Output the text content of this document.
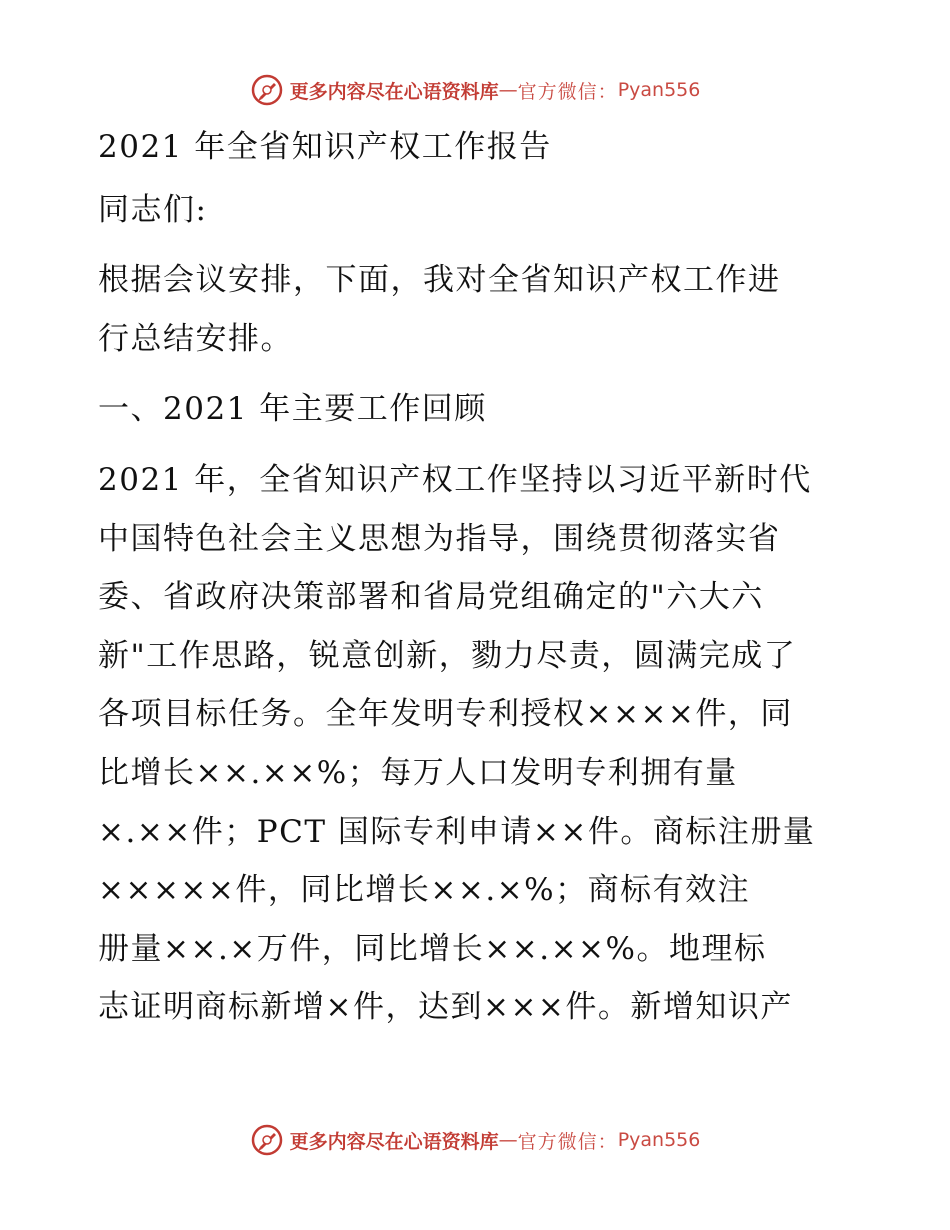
更多内容尽在心语资料库 — 官方微信： Pyan556

2021 年全省知识产权工作报告

同志们:

根据会议安排，下面，我对全省知识产权工作进

行总结安排。

一、2021 年主要工作回顾

2021 年，全省知识产权工作坚持以习近平新时代

中国特色社会主义思想为指导，围绕贯彻落实省

委、省政府决策部署和省局党组确定的"六大六

新"工作思路，锐意创新，勠力尽责，圆满完成了

各项目标任务。全年发明专利授权××××件，同

比增长××.××%；每万人口发明专利拥有量

×.××件；PCT 国际专利申请××件。商标注册量

×××××件，同比增长××.×%；商标有效注

册量××.×万件，同比增长××.××%。地理标

志证明商标新增×件，达到×××件。新增知识产

更多内容尽在心语资料库 — 官方微信： Pyan556
